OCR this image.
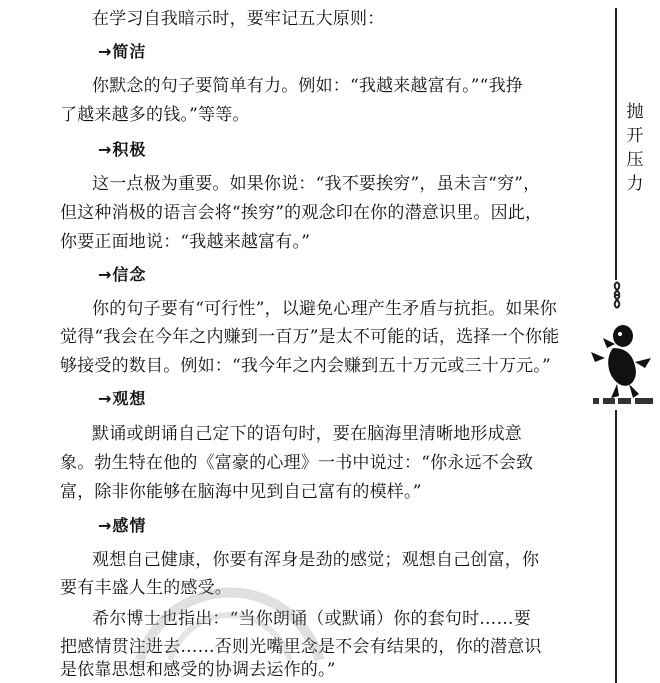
在学习自我暗示时，要牢记五大原则：
→简洁
你默念的句子要简单有力。例如：“我越来越富有。”“我挣
了越来越多的钱。”等等。
→积极
这一点极为重要。如果你说：“我不要挨穷”，虽未言“穷”，
但这种消极的语言会将“挨穷”的观念印在你的潜意识里。因此，
你要正面地说：“我越来越富有。”
→信念
你的句子要有“可行性”，以避免心理产生矛盾与抗拒。如果你
觉得“我会在今年之内赚到一百万”是太不可能的话，选择一个你能
够接受的数目。例如：“我今年之内会赚到五十万元或三十万元。”
→观想
默诵或朗诵自己定下的语句时，要在脑海里清晰地形成意
象。勃生特在他的《富豪的心理》一书中说过：“你永远不会致
富，除非你能够在脑海中见到自己富有的模样。”
→感情
观想自己健康，你要有浑身是劲的感觉；观想自己创富，你
要有丰盛人生的感受。
希尔博士也指出：“当你朗诵（或默诵）你的套句时……要
把感情贯注进去……否则光嘴里念是不会有结果的，你的潜意识
是依靠思想和感受的协调去运作的。”
抛
开
压
力
